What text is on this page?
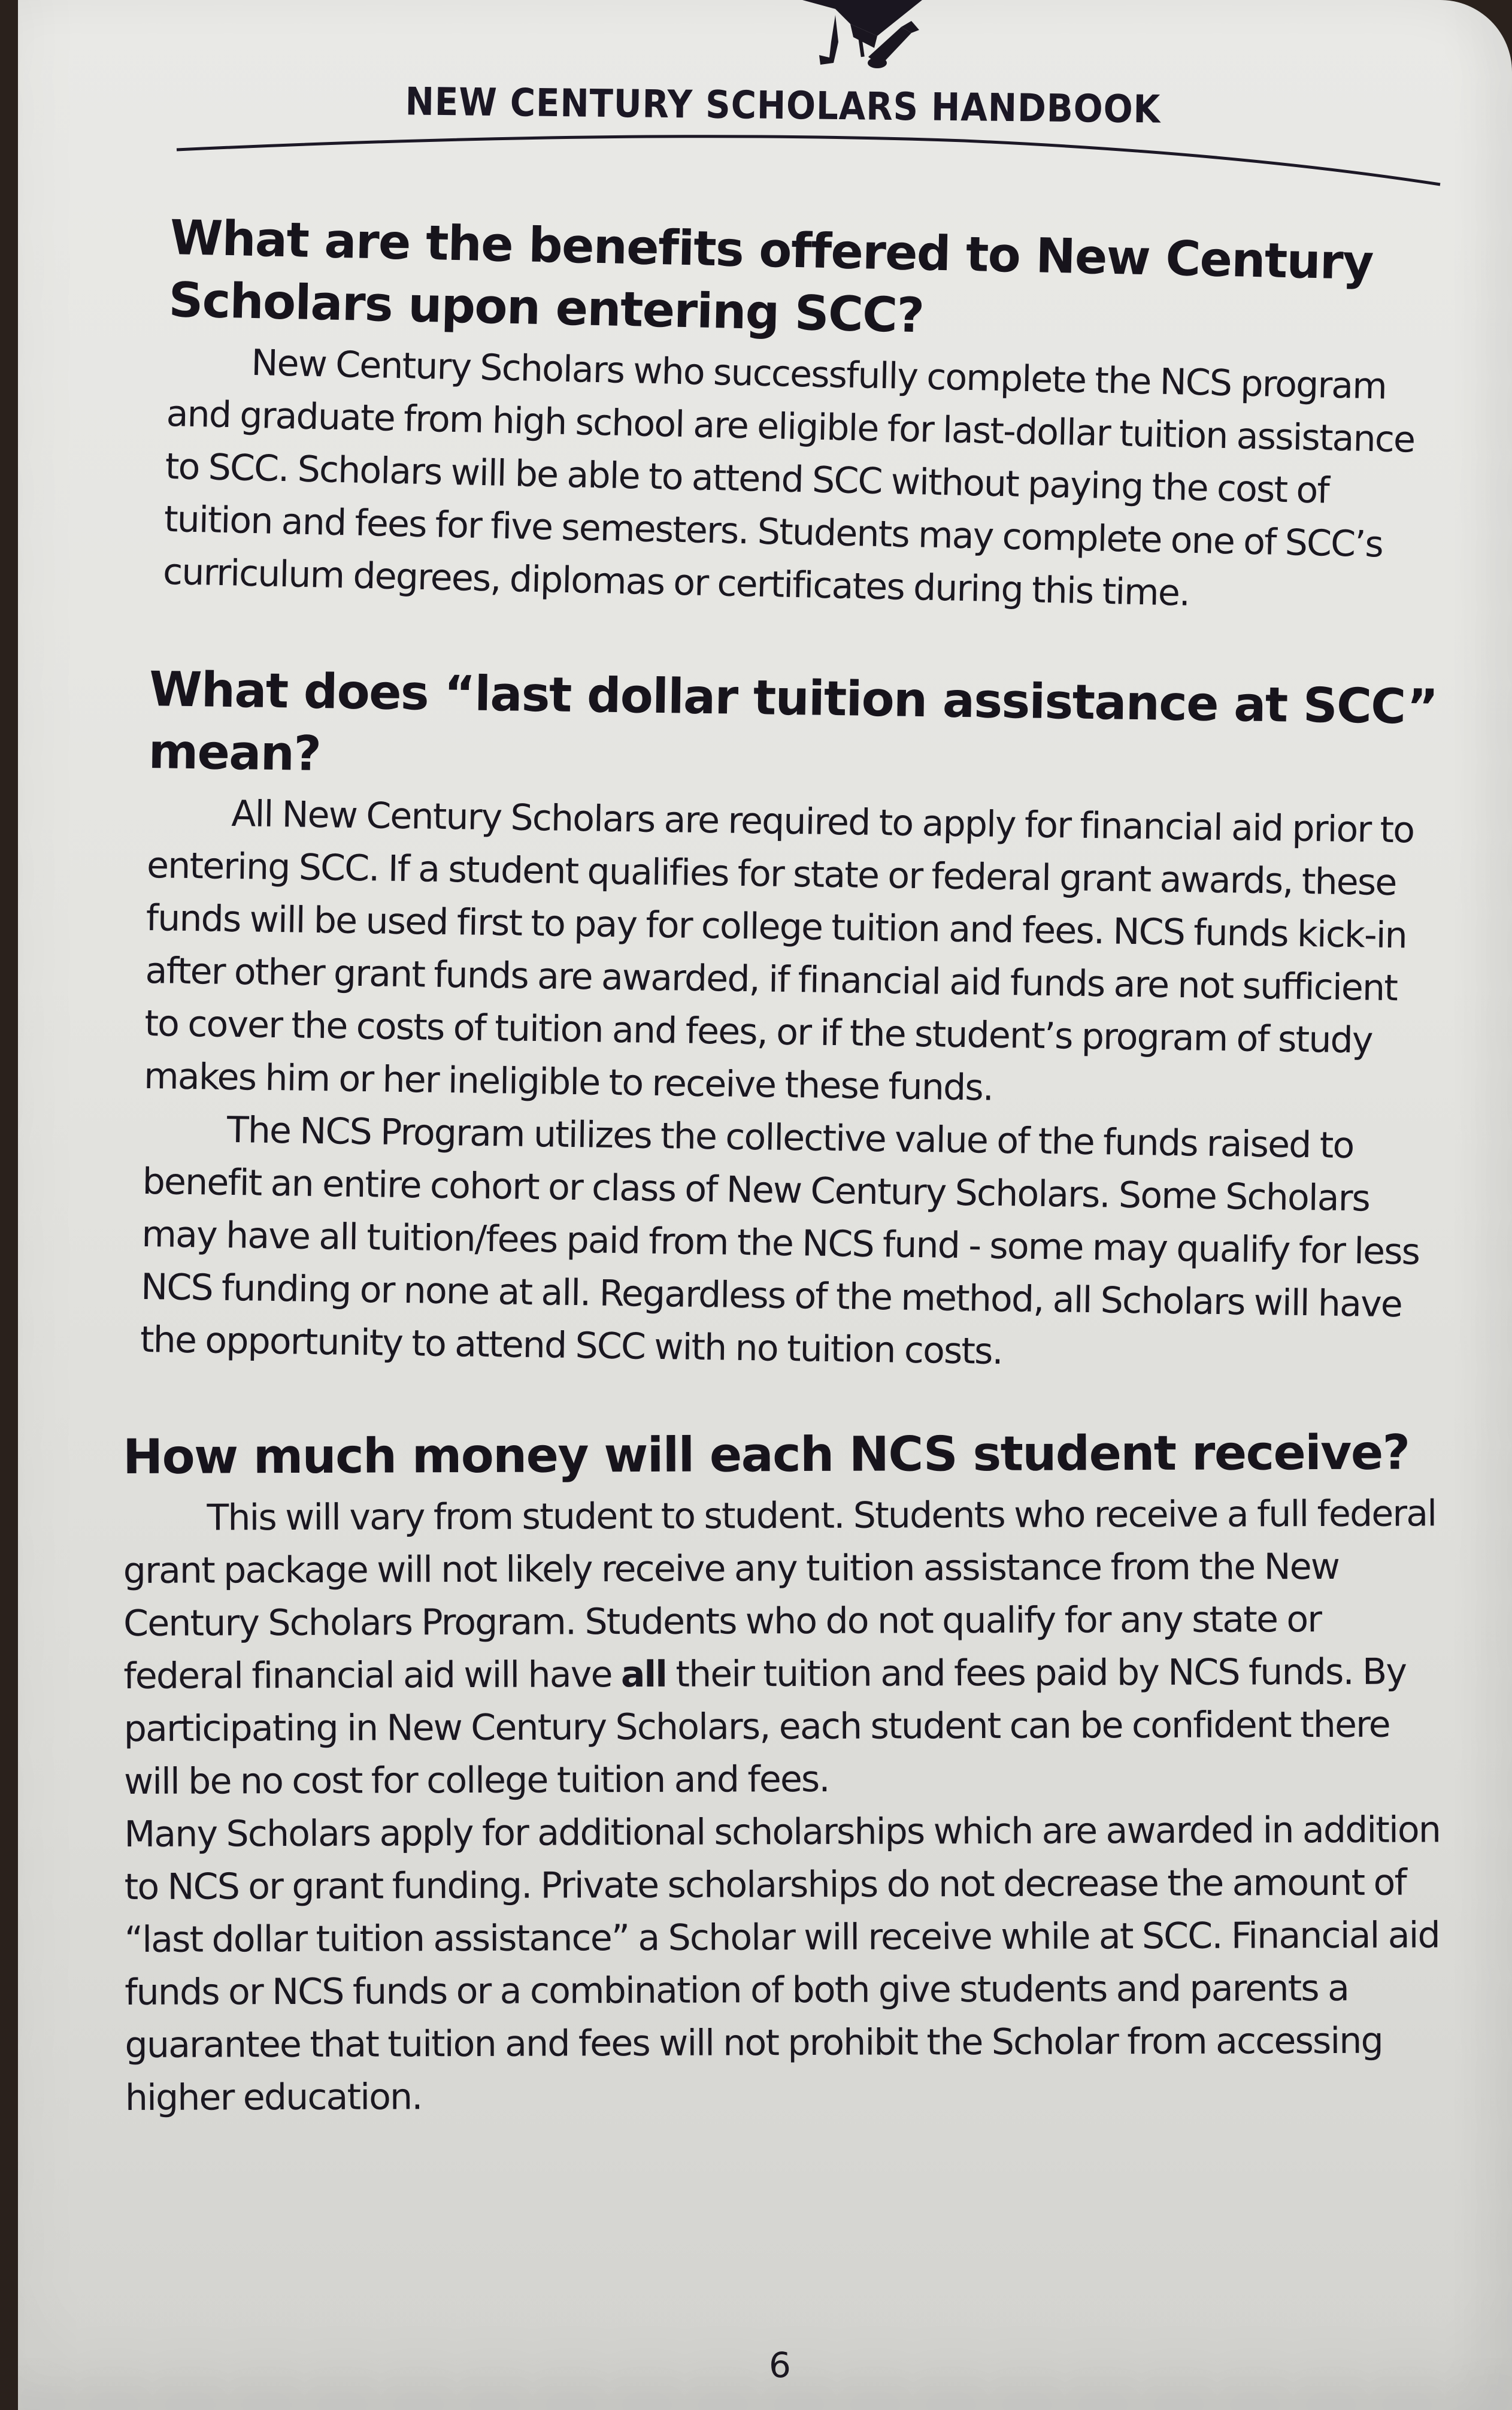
NEW CENTURY SCHOLARS HANDBOOK
What are the benefits offered to New Century Scholars upon entering SCC?

New Century Scholars who successfully complete the NCS program and graduate from high school are eligible for last-dollar tuition assistance to SCC. Scholars will be able to attend SCC without paying the cost of tuition and fees for five semesters. Students may complete one of SCC’s curriculum degrees, diplomas or certificates during this time.

What does “last dollar tuition assistance at SCC” mean?

All New Century Scholars are required to apply for financial aid prior to entering SCC. If a student qualifies for state or federal grant awards, these funds will be used first to pay for college tuition and fees. NCS funds kick-in after other grant funds are awarded, if financial aid funds are not sufficient to cover the costs of tuition and fees, or if the student’s program of study makes him or her ineligible to receive these funds.

The NCS Program utilizes the collective value of the funds raised to benefit an entire cohort or class of New Century Scholars. Some Scholars may have all tuition/fees paid from the NCS fund - some may qualify for less NCS funding or none at all. Regardless of the method, all Scholars will have the opportunity to attend SCC with no tuition costs.

How much money will each NCS student receive?

This will vary from student to student. Students who receive a full federal grant package will not likely receive any tuition assistance from the New Century Scholars Program. Students who do not qualify for any state or federal financial aid will have all their tuition and fees paid by NCS funds. By participating in New Century Scholars, each student can be confident there will be no cost for college tuition and fees.

Many Scholars apply for additional scholarships which are awarded in addition to NCS or grant funding. Private scholarships do not decrease the amount of “last dollar tuition assistance” a Scholar will receive while at SCC. Financial aid funds or NCS funds or a combination of both give students and parents a guarantee that tuition and fees will not prohibit the Scholar from accessing higher education.

6
